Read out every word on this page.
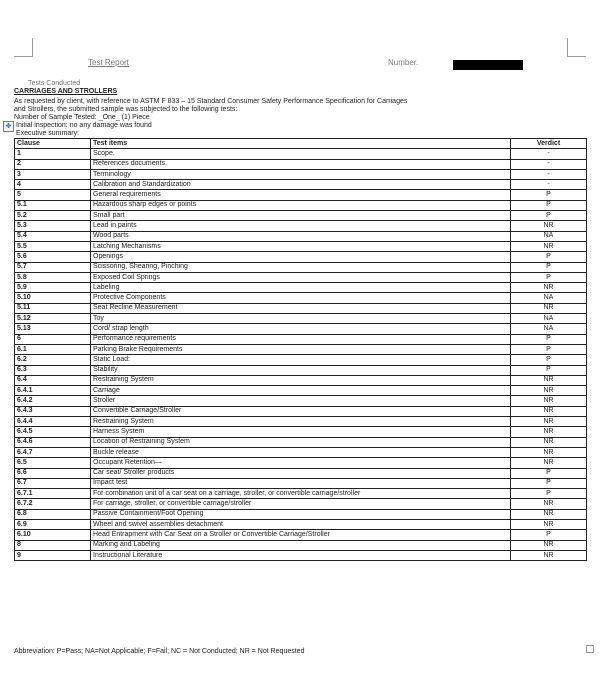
Test Report	Number.
Tests Conducted
CARRIAGES AND STROLLERS
As requested by client, with reference to ASTM F 833 – 15 Standard Consumer Safety Performance Specification for Carriages
and Strollers, the submitted sample was subjected to the following tests:
Number of Sample Tested: _One_ (1) Piece
✥ Initial inspection: no any damage was found
Executive summary:
Clause	Test items	Verdict
1	Scope.	-
2	References documents.	-
3	Terminology	-
4	Calibration and Standardization	-
5	General requirements	P
5.1	Hazardous sharp edges or points	P
5.2	Small part	P
5.3	Lead in paints	NR
5.4	Wood parts	NA
5.5	Latching Mechanisms	NR
5.6	Openings	P
5.7	Scissoring, Shearing, Pinching	P
5.8	Exposed Coil Springs	P
5.9	Labeling	NR
5.10	Protective Components	NA
5.11	Seat Recline Measurement	NR
5.12	Toy	NA
5.13	Cord/ strap length	NA
6	Performance requirements	P
6.1	Parking Brake Requirements	P
6.2	Static Load:	P
6.3	Stability	P
6.4	Restraining System	NR
6.4.1	Carriage	NR
6.4.2	Stroller	NR
6.4.3	Convertible Carriage/Stroller	NR
6.4.4	Restraining System	NR
6.4.5	Harness System	NR
6.4.6	Location of Restraining System	NR
6.4.7	Buckle release	NR
6.5	Occupant Retention—	NR
6.6	Car seat/ Stroller products	P
6.7	Impact test	P
6.7.1	For combination unit of a car seat on a carriage, stroller, or convertible carriage/stroller	P
6.7.2	For carriage, stroller, or convertible carriage/stroller	NR
6.8	Passive Containment/Foot Opening	NR
6.9	Wheel and swivel assemblies detachment	NR
6.10	Head Entrapment with Car Seat on a Stroller or Convertible Carriage/Stroller	P
8	Marking and Labeling	NR
9	Instructional Literature	NR
Abbreviation: P=Pass; NA=Not Applicable; F=Fail; NC = Not Conducted; NR = Not Requested
